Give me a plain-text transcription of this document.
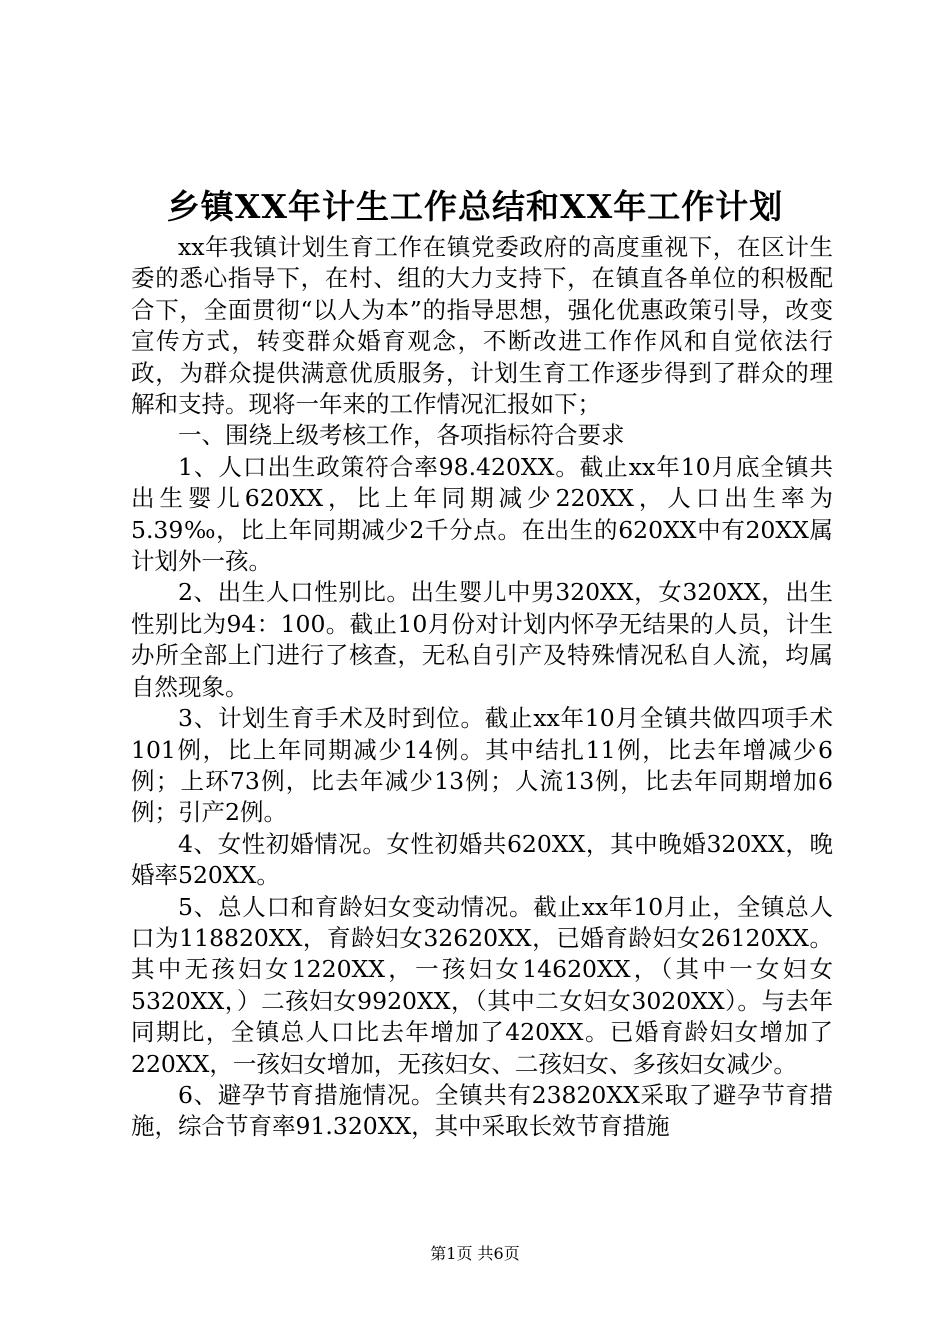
乡镇XX年计生工作总结和XX年工作计划

xx年我镇计划生育工作在镇党委政府的高度重视下，在区计生委的悉心指导下，在村、组的大力支持下，在镇直各单位的积极配合下，全面贯彻“以人为本”的指导思想，强化优惠政策引导，改变宣传方式，转变群众婚育观念，不断改进工作作风和自觉依法行政，为群众提供满意优质服务，计划生育工作逐步得到了群众的理解和支持。现将一年来的工作情况汇报如下；

一、围绕上级考核工作，各项指标符合要求

1、人口出生政策符合率98.420XX。截止xx年10月底全镇共出生婴儿620XX，比上年同期减少220XX，人口出生率为5.39‰，比上年同期减少2千分点。在出生的620XX中有20XX属计划外一孩。

2、出生人口性别比。出生婴儿中男320XX，女320XX，出生性别比为94：100。截止10月份对计划内怀孕无结果的人员，计生办所全部上门进行了核查，无私自引产及特殊情况私自人流，均属自然现象。

3、计划生育手术及时到位。截止xx年10月全镇共做四项手术101例，比上年同期减少14例。其中结扎11例，比去年增减少6例；上环73例，比去年减少13例；人流13例，比去年同期增加6例；引产2例。

4、女性初婚情况。女性初婚共620XX，其中晚婚320XX，晚婚率520XX。

5、总人口和育龄妇女变动情况。截止xx年10月止，全镇总人口为118820XX，育龄妇女32620XX，已婚育龄妇女26120XX。其中无孩妇女1220XX，一孩妇女14620XX，（其中一女妇女5320XX，）二孩妇女9920XX，（其中二女妇女3020XX）。与去年同期比，全镇总人口比去年增加了420XX。已婚育龄妇女增加了220XX，一孩妇女增加，无孩妇女、二孩妇女、多孩妇女减少。

6、避孕节育措施情况。全镇共有23820XX采取了避孕节育措施，综合节育率91.320XX，其中采取长效节育措施

第1页 共6页
